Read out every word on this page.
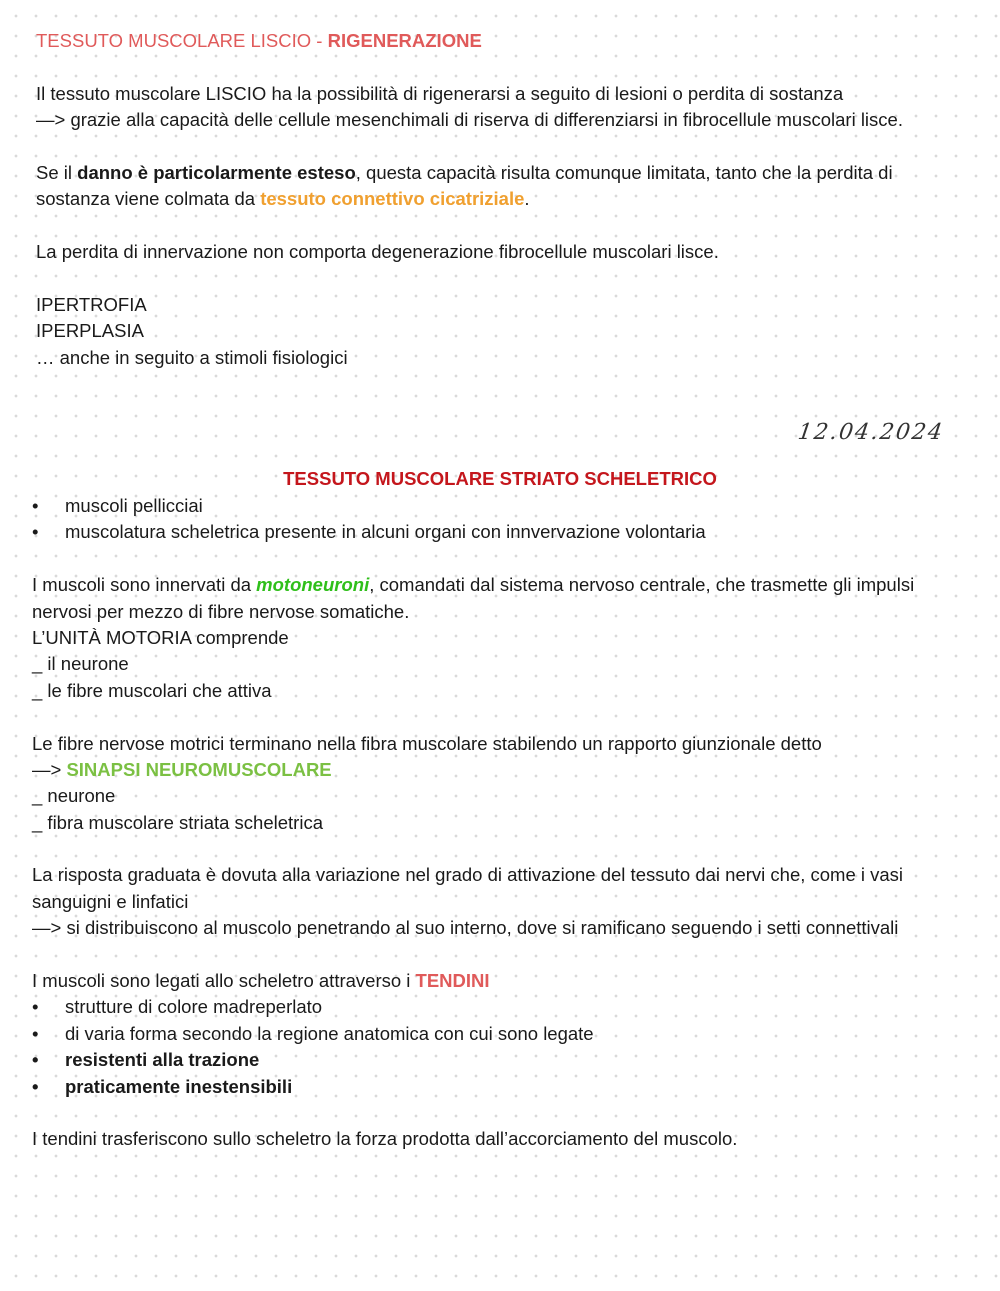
TESSUTO MUSCOLARE LISCIO - RIGENERAZIONE
Il tessuto muscolare LISCIO ha la possibilità di rigenerarsi a seguito di lesioni o perdita di sostanza
—> grazie alla capacità delle cellule mesenchimali di riserva di differenziarsi in fibrocellule muscolari lisce.
Se il danno è particolarmente esteso, questa capacità risulta comunque limitata, tanto che la perdita di
sostanza viene colmata da tessuto connettivo cicatriziale.
La perdita di innervazione non comporta degenerazione fibrocellule muscolari lisce.
IPERTROFIA
IPERPLASIA
… anche in seguito a stimoli fisiologici
12.04.2024
TESSUTO MUSCOLARE STRIATO SCHELETRICO
• muscoli pellicciai
• muscolatura scheletrica presente in alcuni organi con innvervazione volontaria
I muscoli sono innervati da motoneuroni, comandati dal sistema nervoso centrale, che trasmette gli impulsi
nervosi per mezzo di fibre nervose somatiche.
L’UNITÀ MOTORIA comprende
_ il neurone
_ le fibre muscolari che attiva
Le fibre nervose motrici terminano nella fibra muscolare stabilendo un rapporto giunzionale detto
—> SINAPSI NEUROMUSCOLARE
_ neurone
_ fibra muscolare striata scheletrica
La risposta graduata è dovuta alla variazione nel grado di attivazione del tessuto dai nervi che, come i vasi
sanguigni e linfatici
—> si distribuiscono al muscolo penetrando al suo interno, dove si ramificano seguendo i setti connettivali
I muscoli sono legati allo scheletro attraverso i TENDINI
• strutture di colore madreperlato
• di varia forma secondo la regione anatomica con cui sono legate
• resistenti alla trazione
• praticamente inestensibili
I tendini trasferiscono sullo scheletro la forza prodotta dall’accorciamento del muscolo.
